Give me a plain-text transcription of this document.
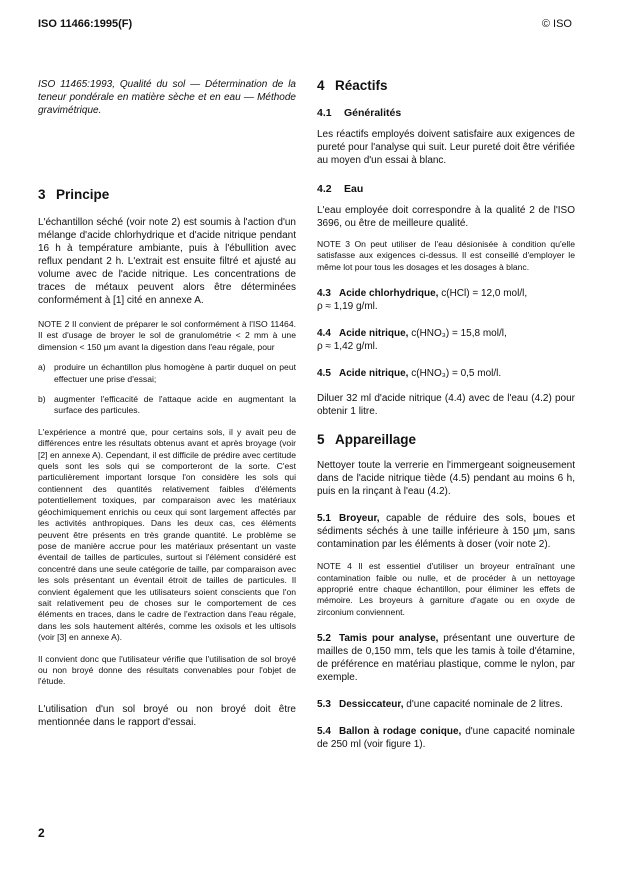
ISO 11466:1995(F)	© ISO

ISO 11465:1993, Qualité du sol — Détermination de la teneur pondérale en matière sèche et en eau — Méthode gravimétrique.

3 Principe

L'échantillon séché (voir note 2) est soumis à l'action d'un mélange d'acide chlorhydrique et d'acide nitrique pendant 16 h à température ambiante, puis à l'ébullition avec reflux pendant 2 h. L'extrait est ensuite filtré et ajusté au volume avec de l'acide nitrique. Les concentrations de traces de métaux peuvent alors être déterminées conformément à [1] cité en annexe A.

NOTE 2 Il convient de préparer le sol conformément à l'ISO 11464. Il est d'usage de broyer le sol de granulométrie < 2 mm à une dimension < 150 µm avant la digestion dans l'eau régale, pour

a) produire un échantillon plus homogène à partir duquel on peut effectuer une prise d'essai;
b) augmenter l'efficacité de l'attaque acide en augmentant la surface des particules.

L'expérience a montré que, pour certains sols, il y avait peu de différences entre les résultats obtenus avant et après broyage (voir [2] en annexe A). Cependant, il est difficile de prédire avec certitude quels sont les sols qui se comporteront de la sorte. C'est particulièrement important lorsque l'on considère les sols qui contiennent des quantités relativement faibles d'éléments potentiellement toxiques, par comparaison avec les matériaux géochimiquement enrichis ou ceux qui sont largement affectés par les activités anthropiques. Dans les deux cas, ces éléments peuvent être présents en très grande quantité. Le problème se pose de manière accrue pour les matériaux présentant un vaste éventail de tailles de particules, surtout si l'élément considéré est concentré dans une seule catégorie de taille, par comparaison avec les sols présentant un éventail étroit de tailles de particules. Il convient également que les utilisateurs soient conscients que l'on sait relativement peu de choses sur le comportement de ces éléments en traces, dans le cadre de l'extraction dans l'eau régale, dans les sols hautement altérés, comme les oxisols et les ultisols (voir [3] en annexe A).

Il convient donc que l'utilisateur vérifie que l'utilisation de sol broyé ou non broyé donne des résultats convenables pour l'objet de l'étude.

L'utilisation d'un sol broyé ou non broyé doit être mentionnée dans le rapport d'essai.

4 Réactifs
4.1 Généralités

Les réactifs employés doivent satisfaire aux exigences de pureté pour l'analyse qui suit. Leur pureté doit être vérifiée au moyen d'un essai à blanc.

4.2 Eau

L'eau employée doit correspondre à la qualité 2 de l'ISO 3696, ou être de meilleure qualité.

NOTE 3 On peut utiliser de l'eau désionisée à condition qu'elle satisfasse aux exigences ci-dessus. Il est conseillé d'employer le même lot pour tous les dosages et les dosages à blanc.

4.3 Acide chlorhydrique, c(HCl) = 12,0 mol/l,
ρ ≈ 1,19 g/ml.
4.4 Acide nitrique, c(HNO₃) = 15,8 mol/l,
ρ ≈ 1,42 g/ml.
4.5 Acide nitrique, c(HNO₃) = 0,5 mol/l.

Diluer 32 ml d'acide nitrique (4.4) avec de l'eau (4.2) pour obtenir 1 litre.

5 Appareillage

Nettoyer toute la verrerie en l'immergeant soigneusement dans de l'acide nitrique tiède (4.5) pendant au moins 6 h, puis en la rinçant à l'eau (4.2).

5.1 Broyeur, capable de réduire des sols, boues et sédiments séchés à une taille inférieure à 150 µm, sans contamination par les éléments à doser (voir note 2).

NOTE 4 Il est essentiel d'utiliser un broyeur entraînant une contamination faible ou nulle, et de procéder à un nettoyage approprié entre chaque échantillon, pour éliminer les effets de mémoire. Les broyeurs à garniture d'agate ou en oxyde de zirconium conviennent.

5.2 Tamis pour analyse, présentant une ouverture de mailles de 0,150 mm, tels que les tamis à toile d'étamine, de préférence en matériau plastique, comme le nylon, par exemple.
5.3 Dessiccateur, d'une capacité nominale de 2 litres.
5.4 Ballon à rodage conique, d'une capacité nominale de 250 ml (voir figure 1).
2
